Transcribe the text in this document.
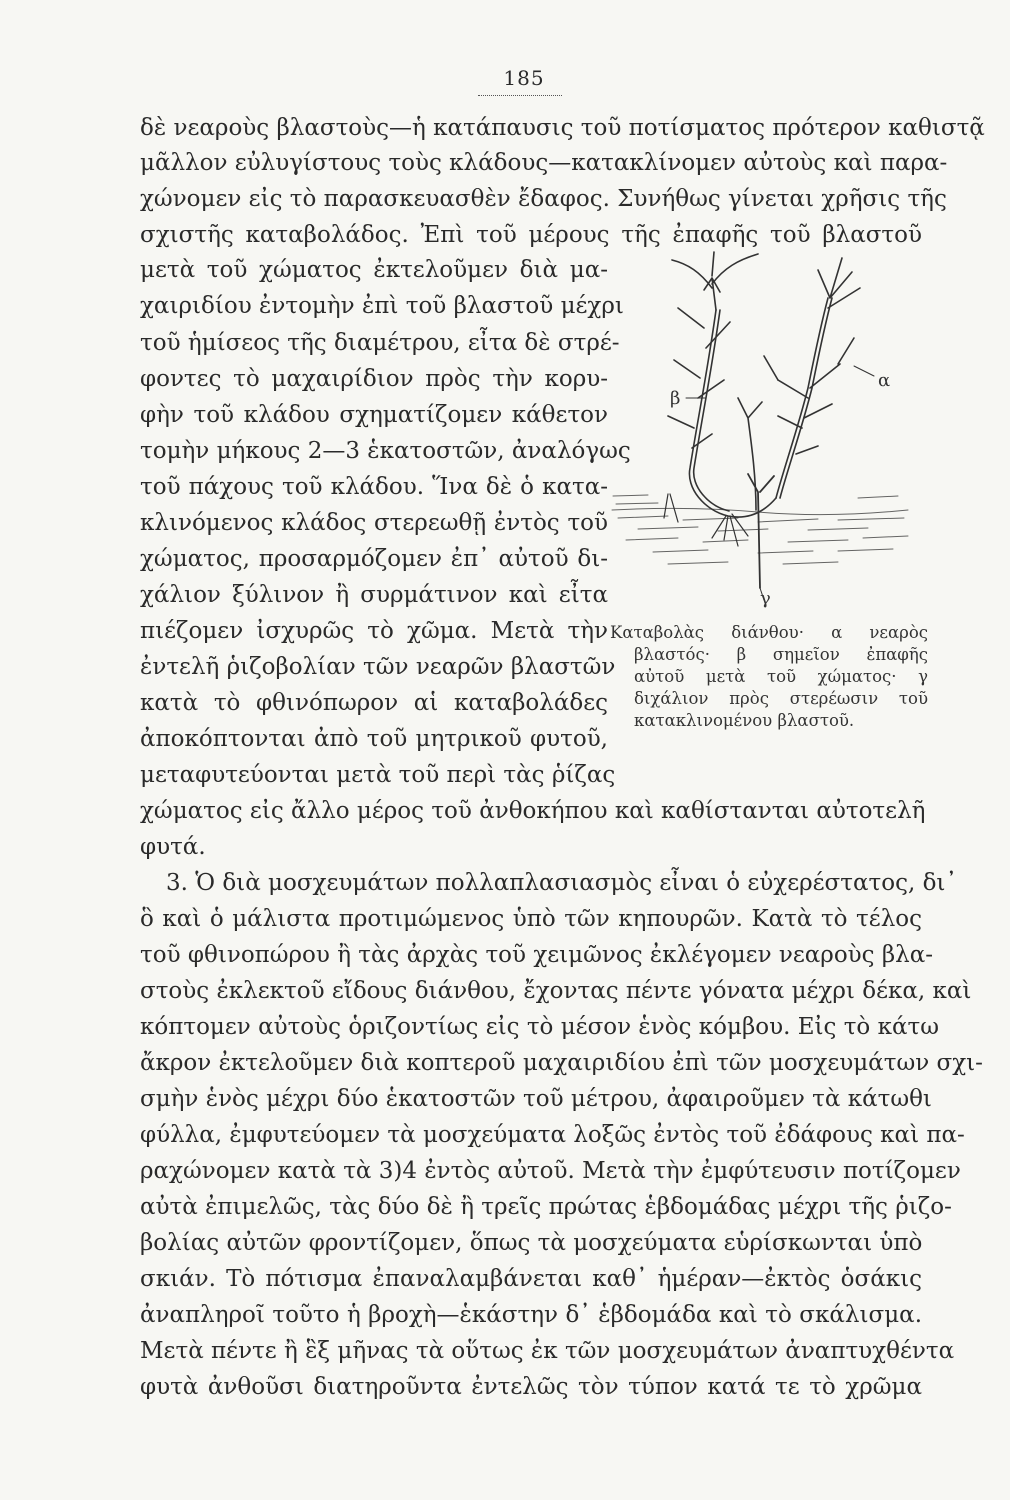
185

δὲ νεαροὺς βλαστοὺς—ἡ κατάπαυσις τοῦ ποτίσματος πρότερον καθιστᾷ

μᾶλλον εὐλυγίστους τοὺς κλάδους—κατακλίνομεν αὐτοὺς καὶ παρα-

χώνομεν εἰς τὸ παρασκευασθὲν ἔδαφος. Συνήθως γίνεται χρῆσις τῆς

σχιστῆς καταβολάδος. Ἐπὶ τοῦ μέρους τῆς ἐπαφῆς τοῦ βλαστοῦ

μετὰ τοῦ χώματος ἐκτελοῦμεν διὰ μα-

χαιριδίου ἐντομὴν ἐπὶ τοῦ βλαστοῦ μέχρι

τοῦ ἡμίσεος τῆς διαμέτρου, εἶτα δὲ στρέ-

φοντες τὸ μαχαιρίδιον πρὸς τὴν κορυ-

φὴν τοῦ κλάδου σχηματίζομεν κάθετον

τομὴν μήκους 2—3 ἑκατοστῶν, ἀναλόγως

τοῦ πάχους τοῦ κλάδου. Ἵνα δὲ ὁ κατα-

κλινόμενος κλάδος στερεωθῇ ἐντὸς τοῦ

χώματος, προσαρμόζομεν ἐπ᾽ αὐτοῦ δι-

χάλιον ξύλινον ἢ συρμάτινον καὶ εἶτα

πιέζομεν ἰσχυρῶς τὸ χῶμα. Μετὰ τὴν

ἐντελῆ ῥιζοβολίαν τῶν νεαρῶν βλαστῶν

κατὰ τὸ φθινόπωρον αἱ καταβολάδες

ἀποκόπτονται ἀπὸ τοῦ μητρικοῦ φυτοῦ,

μεταφυτεύονται μετὰ τοῦ περὶ τὰς ῥίζας

χώματος εἰς ἄλλο μέρος τοῦ ἀνθοκήπου καὶ καθίστανται αὐτοτελῆ

φυτά.

3. Ὁ διὰ μοσχευμάτων πολλαπλασιασμὸς εἶναι ὁ εὐχερέστατος, δι᾽

ὃ καὶ ὁ μάλιστα προτιμώμενος ὑπὸ τῶν κηπουρῶν. Κατὰ τὸ τέλος

τοῦ φθινοπώρου ἢ τὰς ἀρχὰς τοῦ χειμῶνος ἐκλέγομεν νεαροὺς βλα-

στοὺς ἐκλεκτοῦ εἴδους διάνθου, ἔχοντας πέντε γόνατα μέχρι δέκα, καὶ

κόπτομεν αὐτοὺς ὁριζοντίως εἰς τὸ μέσον ἑνὸς κόμβου. Εἰς τὸ κάτω

ἄκρον ἐκτελοῦμεν διὰ κοπτεροῦ μαχαιριδίου ἐπὶ τῶν μοσχευμάτων σχι-

σμὴν ἑνὸς μέχρι δύο ἑκατοστῶν τοῦ μέτρου, ἀφαιροῦμεν τὰ κάτωθι

φύλλα, ἐμφυτεύομεν τὰ μοσχεύματα λοξῶς ἐντὸς τοῦ ἐδάφους καὶ πα-

ραχώνομεν κατὰ τὰ 3)4 ἐντὸς αὐτοῦ. Μετὰ τὴν ἐμφύτευσιν ποτίζομεν

αὐτὰ ἐπιμελῶς, τὰς δύο δὲ ἢ τρεῖς πρώτας ἑβδομάδας μέχρι τῆς ῥιζο-

βολίας αὐτῶν φροντίζομεν, ὅπως τὰ μοσχεύματα εὑρίσκωνται ὑπὸ

σκιάν. Τὸ πότισμα ἐπαναλαμβάνεται καθ᾽ ἡμέραν—ἐκτὸς ὁσάκις

ἀναπληροῖ τοῦτο ἡ βροχὴ—ἑκάστην δ᾽ ἑβδομάδα καὶ τὸ σκάλισμα.

Μετὰ πέντε ἢ ἓξ μῆνας τὰ οὕτως ἐκ τῶν μοσχευμάτων ἀναπτυχθέντα

φυτὰ ἀνθοῦσι διατηροῦντα ἐντελῶς τὸν τύπον κατά τε τὸ χρῶμα

α
β
γ
Καταβολὰς διάνθου· α νεαρὸς
βλαστός· β σημεῖον ἐπαφῆς
αὐτοῦ μετὰ τοῦ χώματος· γ
διχάλιον πρὸς στερέωσιν τοῦ
κατακλινομένου βλαστοῦ.
